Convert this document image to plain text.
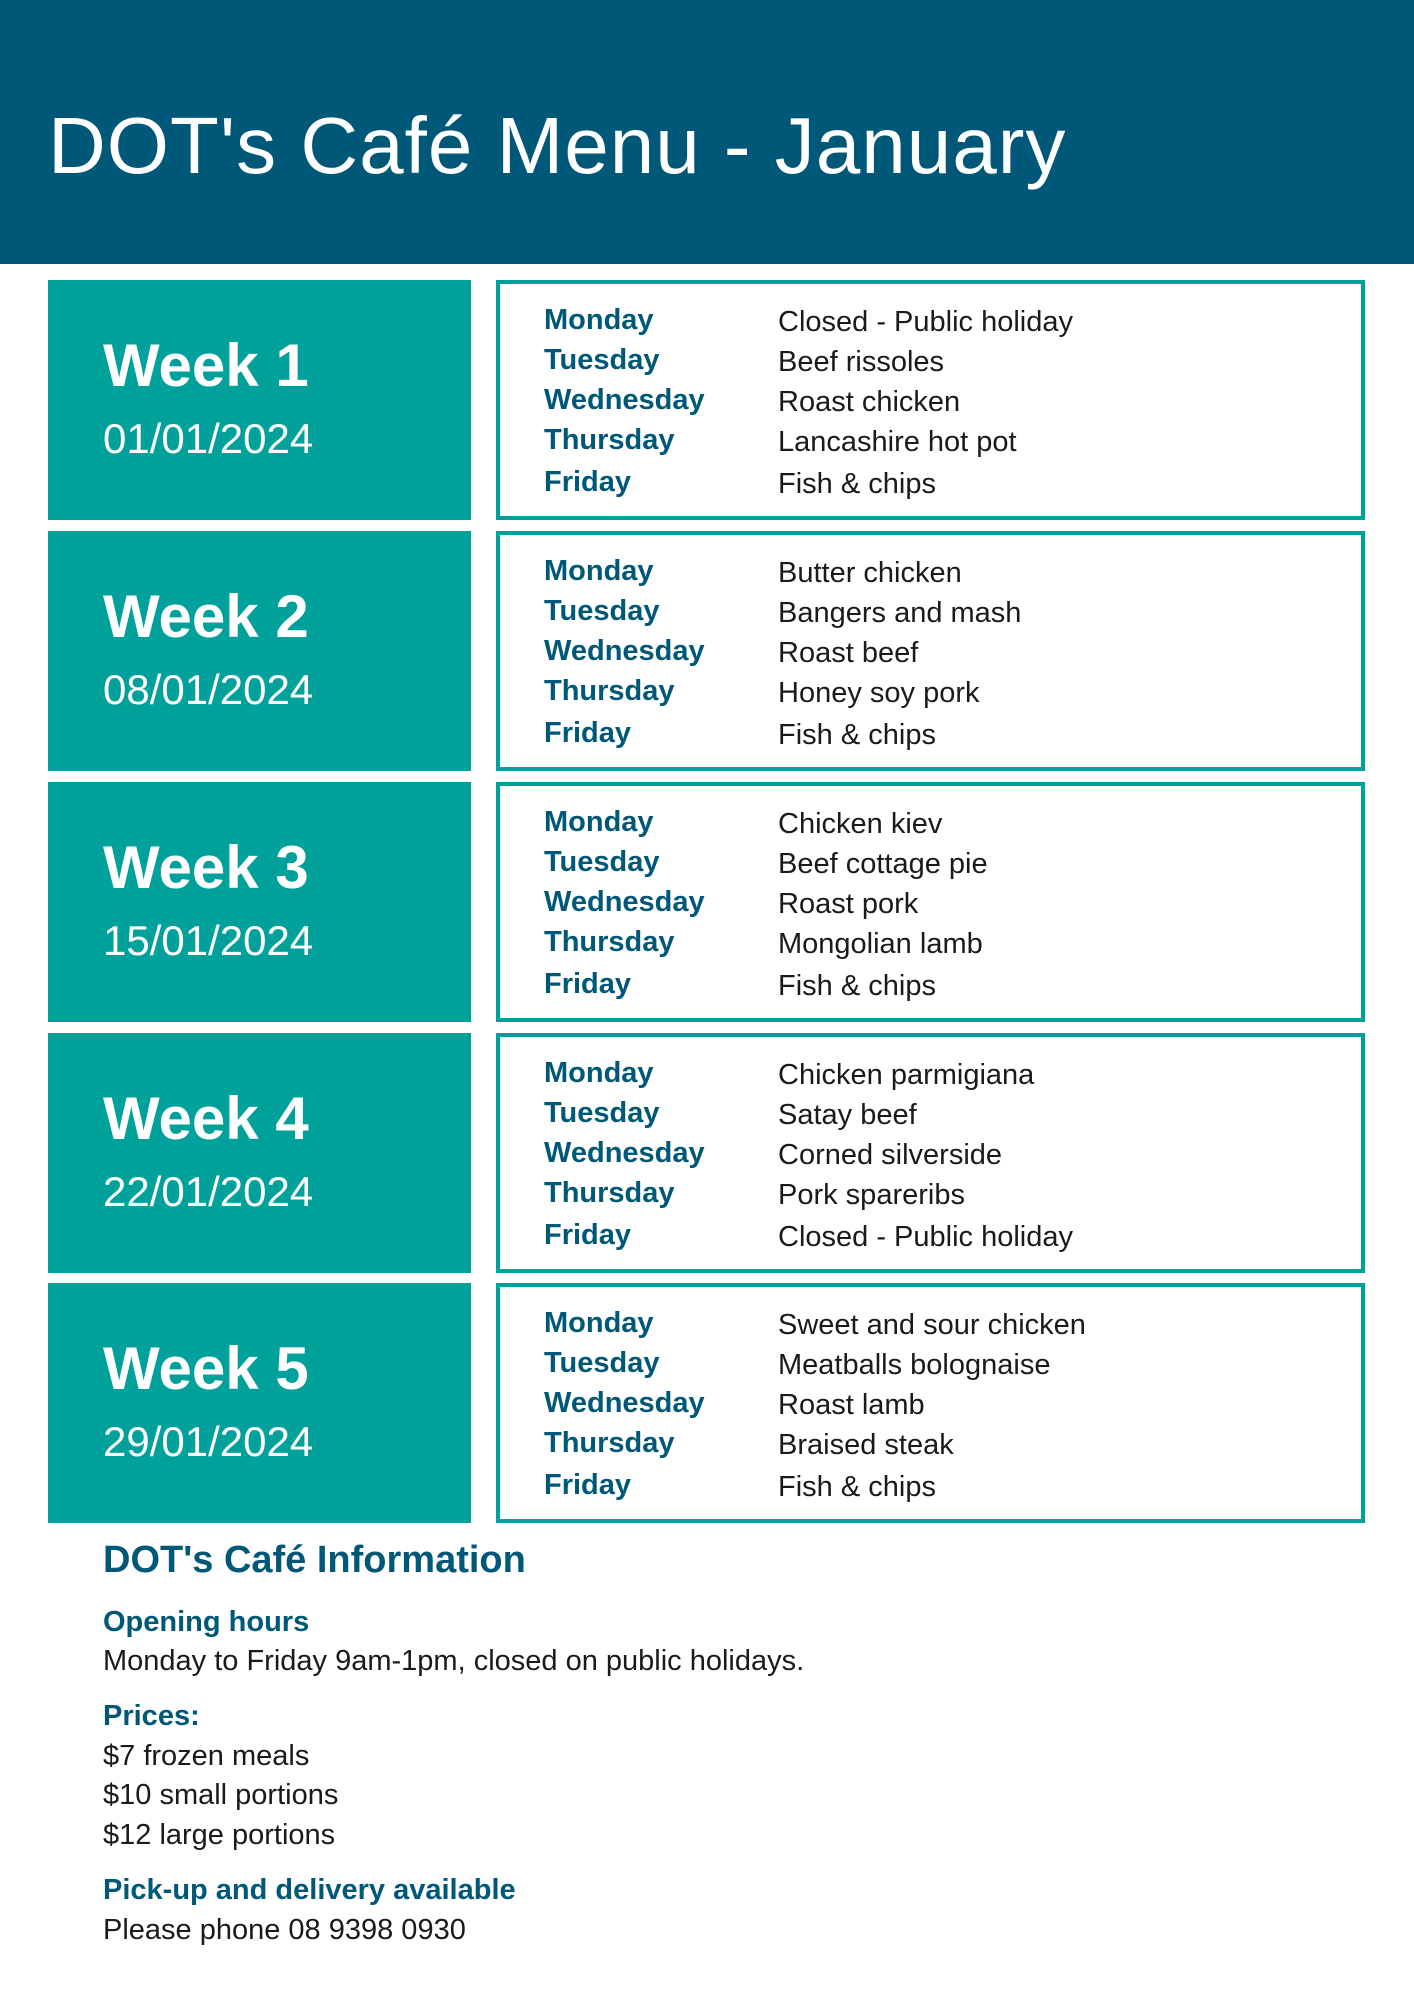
DOT's Café Menu - January
Week 1
01/01/2024
Monday	Closed - Public holiday
Tuesday	Beef rissoles
Wednesday	Roast chicken
Thursday	Lancashire hot pot
Friday	Fish & chips
Week 2
08/01/2024
Monday	Butter chicken
Tuesday	Bangers and mash
Wednesday	Roast beef
Thursday	Honey soy pork
Friday	Fish & chips
Week 3
15/01/2024
Monday	Chicken kiev
Tuesday	Beef cottage pie
Wednesday	Roast pork
Thursday	Mongolian lamb
Friday	Fish & chips
Week 4
22/01/2024
Monday	Chicken parmigiana
Tuesday	Satay beef
Wednesday	Corned silverside
Thursday	Pork spareribs
Friday	Closed - Public holiday
Week 5
29/01/2024
Monday	Sweet and sour chicken
Tuesday	Meatballs bolognaise
Wednesday	Roast lamb
Thursday	Braised steak
Friday	Fish & chips
DOT's Café Information
Opening hours
Monday to Friday 9am-1pm, closed on public holidays.
Prices:
$7 frozen meals
$10 small portions
$12 large portions
Pick-up and delivery available
Please phone 08 9398 0930
